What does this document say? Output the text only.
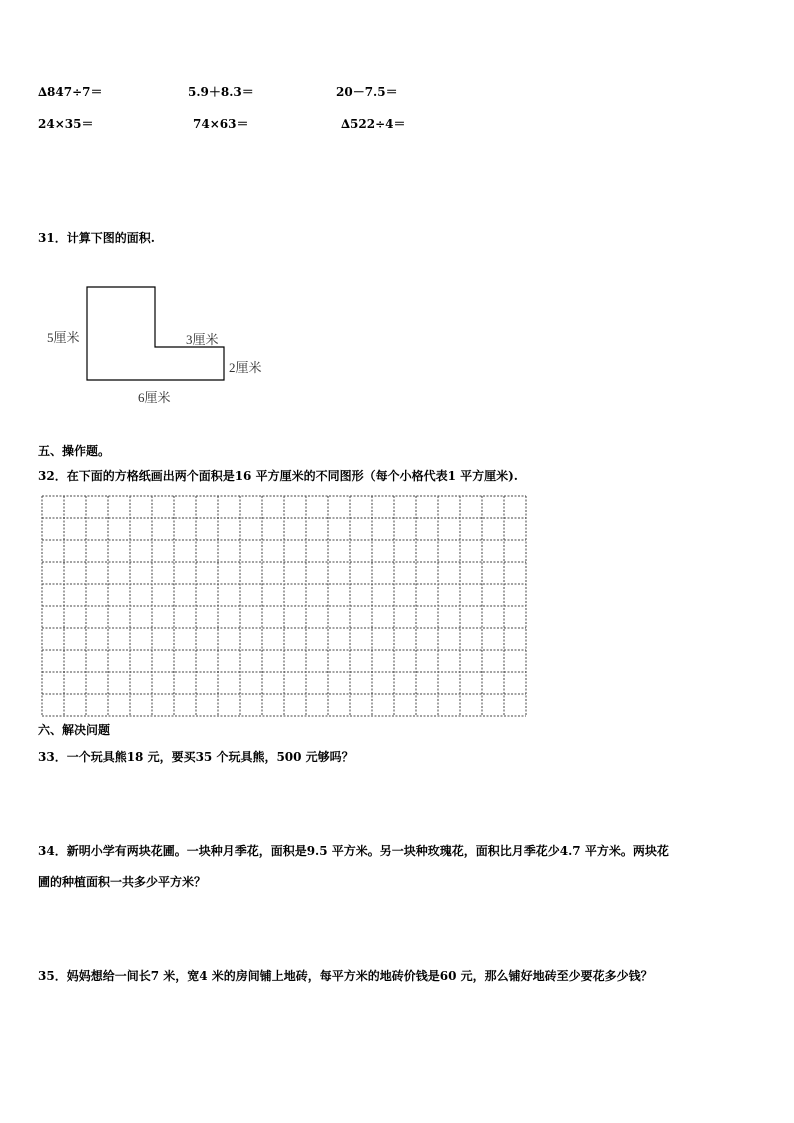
∆847÷7＝	5.9＋8.3＝	20－7.5＝
24×35＝	74×63＝	∆522÷4＝
31．计算下图的面积.
5厘米	3厘米
2厘米
6厘米
五、操作题。
32．在下面的方格纸画出两个面积是16 平方厘米的不同图形（每个小格代表1 平方厘米).
六、解决问题
33．一个玩具熊18 元，要买35 个玩具熊，500 元够吗？
34．新明小学有两块花圃。一块种月季花，面积是9.5 平方米。另一块种玫瑰花，面积比月季花少4.7 平方米。两块花
圃的种植面积一共多少平方米？
35．妈妈想给一间长7 米，宽4 米的房间铺上地砖，每平方米的地砖价钱是60 元，那么铺好地砖至少要花多少钱？
